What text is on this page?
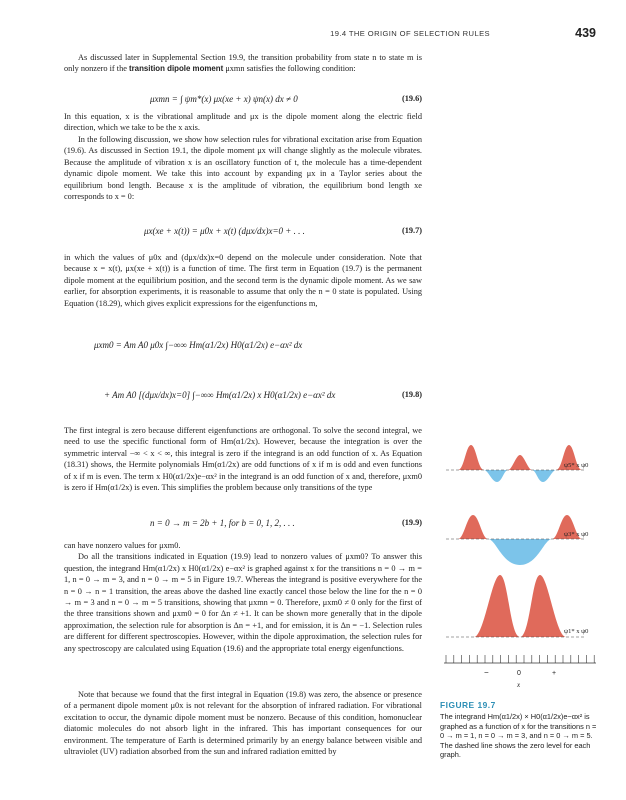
19.4 THE ORIGIN OF SELECTION RULES	439

As discussed later in Supplemental Section 19.9, the transition probability from state n to state m is only nonzero if the transition dipole moment μxmn satisfies the following condition:

μxmn = ∫ ψm*(x) μx(xe + x) ψn(x) dx ≠ 0	(19.6)

In this equation, x is the vibrational amplitude and μx is the dipole moment along the electric field direction, which we take to be the x axis.

In the following discussion, we show how selection rules for vibrational excitation arise from Equation (19.6). As discussed in Section 19.1, the dipole moment μx will change slightly as the molecule vibrates. Because the amplitude of vibration x is an oscillatory function of t, the molecule has a time-dependent dynamic dipole moment. We take this into account by expanding μx in a Taylor series about the equilibrium bond length. Because x is the amplitude of vibration, the equilibrium bond length xe corresponds to x = 0:

μx(xe + x(t)) = μ0x + x(t) (dμx/dx)x=0 + . . .	(19.7)

in which the values of μ0x and (dμx/dx)x=0 depend on the molecule under consideration. Note that because x = x(t), μx(xe + x(t)) is a function of time. The first term in Equation (19.7) is the permanent dipole moment at the equilibrium position, and the second term is the dynamic dipole moment. As we saw earlier, for absorption experiments, it is reasonable to assume that only the n = 0 state is populated. Using Equation (18.29), which gives explicit expressions for the eigenfunctions m,

μxm0 = Am A0 μ0x ∫−∞∞ Hm(α1/2x) H0(α1/2x) e−αx² dx
+ Am A0 [(dμx/dx)x=0] ∫−∞∞ Hm(α1/2x) x H0(α1/2x) e−αx² dx	(19.8)

The first integral is zero because different eigenfunctions are orthogonal. To solve the second integral, we need to use the specific functional form of Hm(α1/2x). However, because the integration is over the symmetric interval −∞ < x < ∞, this integral is zero if the integrand is an odd function of x. As Equation (18.31) shows, the Hermite polynomials Hm(α1/2x) are odd functions of x if m is odd and even functions of x if m is even. The term x H0(α1/2x)e−αx² in the integrand is an odd function of x and, therefore, μxm0 is zero if Hm(α1/2x) is even. This simplifies the problem because only transitions of the type

n = 0 → m = 2b + 1, for b = 0, 1, 2, . . .	(19.9)

can have nonzero values for μxm0.

Do all the transitions indicated in Equation (19.9) lead to nonzero values of μxm0? To answer this question, the integrand Hm(α1/2x) x H0(α1/2x) e−αx² is graphed against x for the transitions n = 0 → m = 1, n = 0 → m = 3, and n = 0 → m = 5 in Figure 19.7. Whereas the integrand is positive everywhere for the n = 0 → n = 1 transition, the areas above the dashed line exactly cancel those below the line for the n = 0 → m = 3 and n = 0 → m = 5 transitions, showing that μxmn = 0. Therefore, μxm0 ≠ 0 only for the first of the three transitions shown and μxm0 = 0 for Δn ≠ +1. It can be shown more generally that in the dipole approximation, the selection rule for absorption is Δn = +1, and for emission, it is Δn = −1. Selection rules are different for different spectroscopies. However, within the dipole approximation, the selection rules for any spectroscopy are calculated using Equation (19.6) and the appropriate total energy eigenfunctions.

Note that because we found that the first integral in Equation (19.8) was zero, the absence or presence of a permanent dipole moment μ0x is not relevant for the absorption of infrared radiation. For vibrational excitation to occur, the dynamic dipole moment must be nonzero. Because of this condition, homonuclear diatomic molecules do not absorb light in the infrared. This has important consequences for our environment. The temperature of Earth is determined primarily by an energy balance between visible and ultraviolet (UV) radiation absorbed from the sun and infrared radiation emitted by

ψ5* x ψ0
ψ3* x ψ0
ψ1* x ψ0
−	0	+
x
FIGURE 19.7
The integrand Hm(α1/2x) × H0(α1/2x)e−αx² is graphed as a function of x for the transitions n = 0 → m = 1, n = 0 → m = 3, and n = 0 → m = 5. The dashed line shows the zero level for each graph.
